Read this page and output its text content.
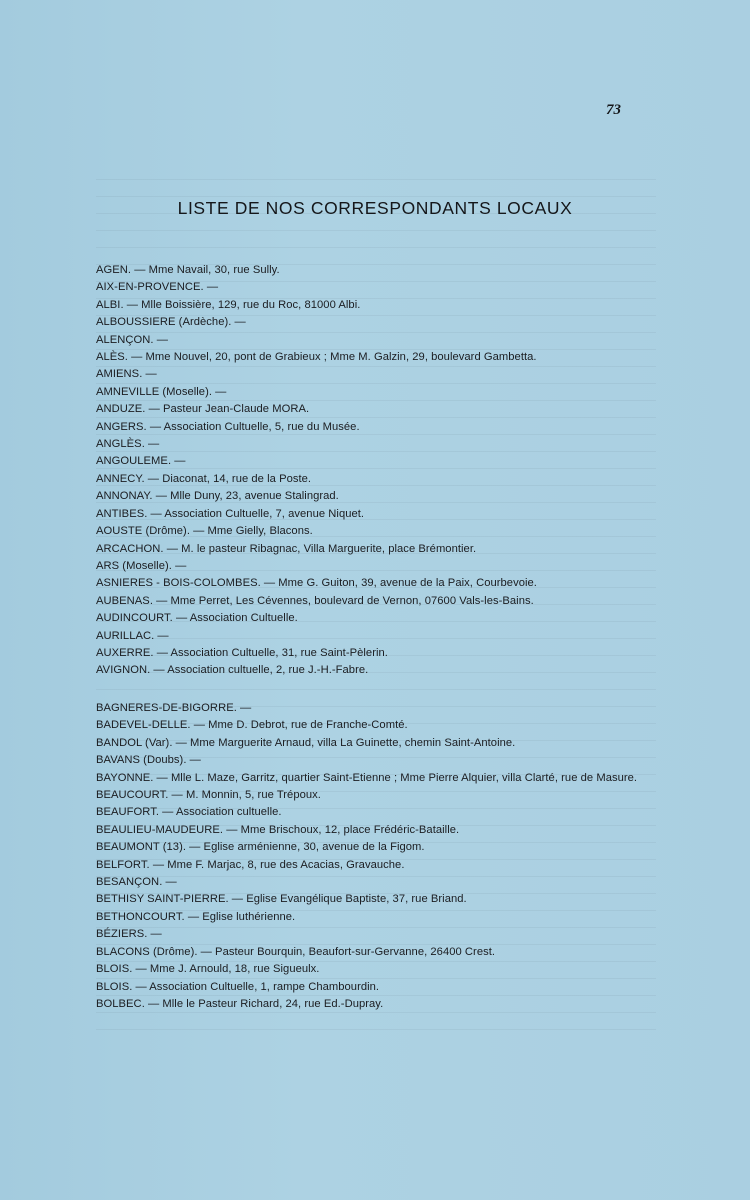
73
LISTE DE NOS CORRESPONDANTS LOCAUX
AGEN. — Mme Navail, 30, rue Sully.
AIX-EN-PROVENCE. —
ALBI. — Mlle Boissière, 129, rue du Roc, 81000 Albi.
ALBOUSSIERE (Ardèche). —
ALENÇON. —
ALÈS. — Mme Nouvel, 20, pont de Grabieux ; Mme M. Galzin, 29, boulevard Gambetta.
AMIENS. —
AMNEVILLE (Moselle). —
ANDUZE. — Pasteur Jean-Claude MORA.
ANGERS. — Association Cultuelle, 5, rue du Musée.
ANGLÈS. —
ANGOULEME. —
ANNECY. — Diaconat, 14, rue de la Poste.
ANNONAY. — Mlle Duny, 23, avenue Stalingrad.
ANTIBES. — Association Cultuelle, 7, avenue Niquet.
AOUSTE (Drôme). — Mme Gielly, Blacons.
ARCACHON. — M. le pasteur Ribagnac, Villa Marguerite, place Brémontier.
ARS (Moselle). —
ASNIERES - BOIS-COLOMBES. — Mme G. Guiton, 39, avenue de la Paix, Courbevoie.
AUBENAS. — Mme Perret, Les Cévennes, boulevard de Vernon, 07600 Vals-les-Bains.
AUDINCOURT. — Association Cultuelle.
AURILLAC. —
AUXERRE. — Association Cultuelle, 31, rue Saint-Pèlerin.
AVIGNON. — Association cultuelle, 2, rue J.-H.-Fabre.
BAGNERES-DE-BIGORRE. —
BADEVEL-DELLE. — Mme D. Debrot, rue de Franche-Comté.
BANDOL (Var). — Mme Marguerite Arnaud, villa La Guinette, chemin Saint-Antoine.
BAVANS (Doubs). —
BAYONNE. — Mlle L. Maze, Garritz, quartier Saint-Etienne ; Mme Pierre Alquier, villa Clarté, rue de Masure.
BEAUCOURT. — M. Monnin, 5, rue Trépoux.
BEAUFORT. — Association cultuelle.
BEAULIEU-MAUDEURE. — Mme Brischoux, 12, place Frédéric-Bataille.
BEAUMONT (13). — Eglise arménienne, 30, avenue de la Figom.
BELFORT. — Mme F. Marjac, 8, rue des Acacias, Gravauche.
BESANÇON. —
BETHISY SAINT-PIERRE. — Eglise Evangélique Baptiste, 37, rue Briand.
BETHONCOURT. — Eglise luthérienne.
BÉZIERS. —
BLACONS (Drôme). — Pasteur Bourquin, Beaufort-sur-Gervanne, 26400 Crest.
BLOIS. — Mme J. Arnould, 18, rue Sigueulx.
BLOIS. — Association Cultuelle, 1, rampe Chambourdin.
BOLBEC. — Mlle le Pasteur Richard, 24, rue Ed.-Dupray.
